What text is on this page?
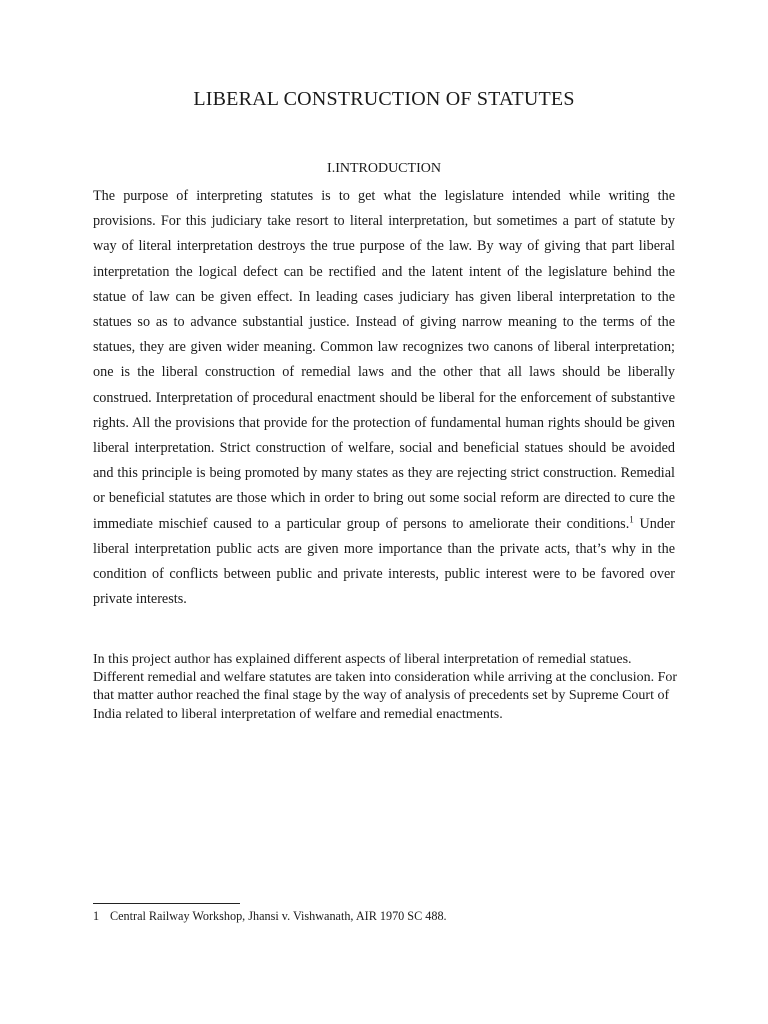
LIBERAL CONSTRUCTION OF STATUTES
I.INTRODUCTION

The purpose of interpreting statutes is to get what the legislature intended while writing the provisions. For this judiciary take resort to literal interpretation, but sometimes a part of statute by way of literal interpretation destroys the true purpose of the law. By way of giving that part liberal interpretation the logical defect can be rectified and the latent intent of the legislature behind the statue of law can be given effect. In leading cases judiciary has given liberal interpretation to the statues so as to advance substantial justice. Instead of giving narrow meaning to the terms of the statues, they are given wider meaning. Common law recognizes two canons of liberal interpretation; one is the liberal construction of remedial laws and the other that all laws should be liberally construed. Interpretation of procedural enactment should be liberal for the enforcement of substantive rights. All the provisions that provide for the protection of fundamental human rights should be given liberal interpretation. Strict construction of welfare, social and beneficial statues should be avoided and this principle is being promoted by many states as they are rejecting strict construction. Remedial or beneficial statutes are those which in order to bring out some social reform are directed to cure the immediate mischief caused to a particular group of persons to ameliorate their conditions.$^1$ Under liberal interpretation public acts are given more importance than the private acts, that’s why in the condition of conflicts between public and private interests, public interest were to be favored over private interests.

In this project author has explained different aspects of liberal interpretation of remedial statues. Different remedial and welfare statutes are taken into consideration while arriving at the conclusion. For that matter author reached the final stage by the way of analysis of precedents set by Supreme Court of India related to liberal interpretation of welfare and remedial enactments.

1 Central Railway Workshop, Jhansi v. Vishwanath, AIR 1970 SC 488.
